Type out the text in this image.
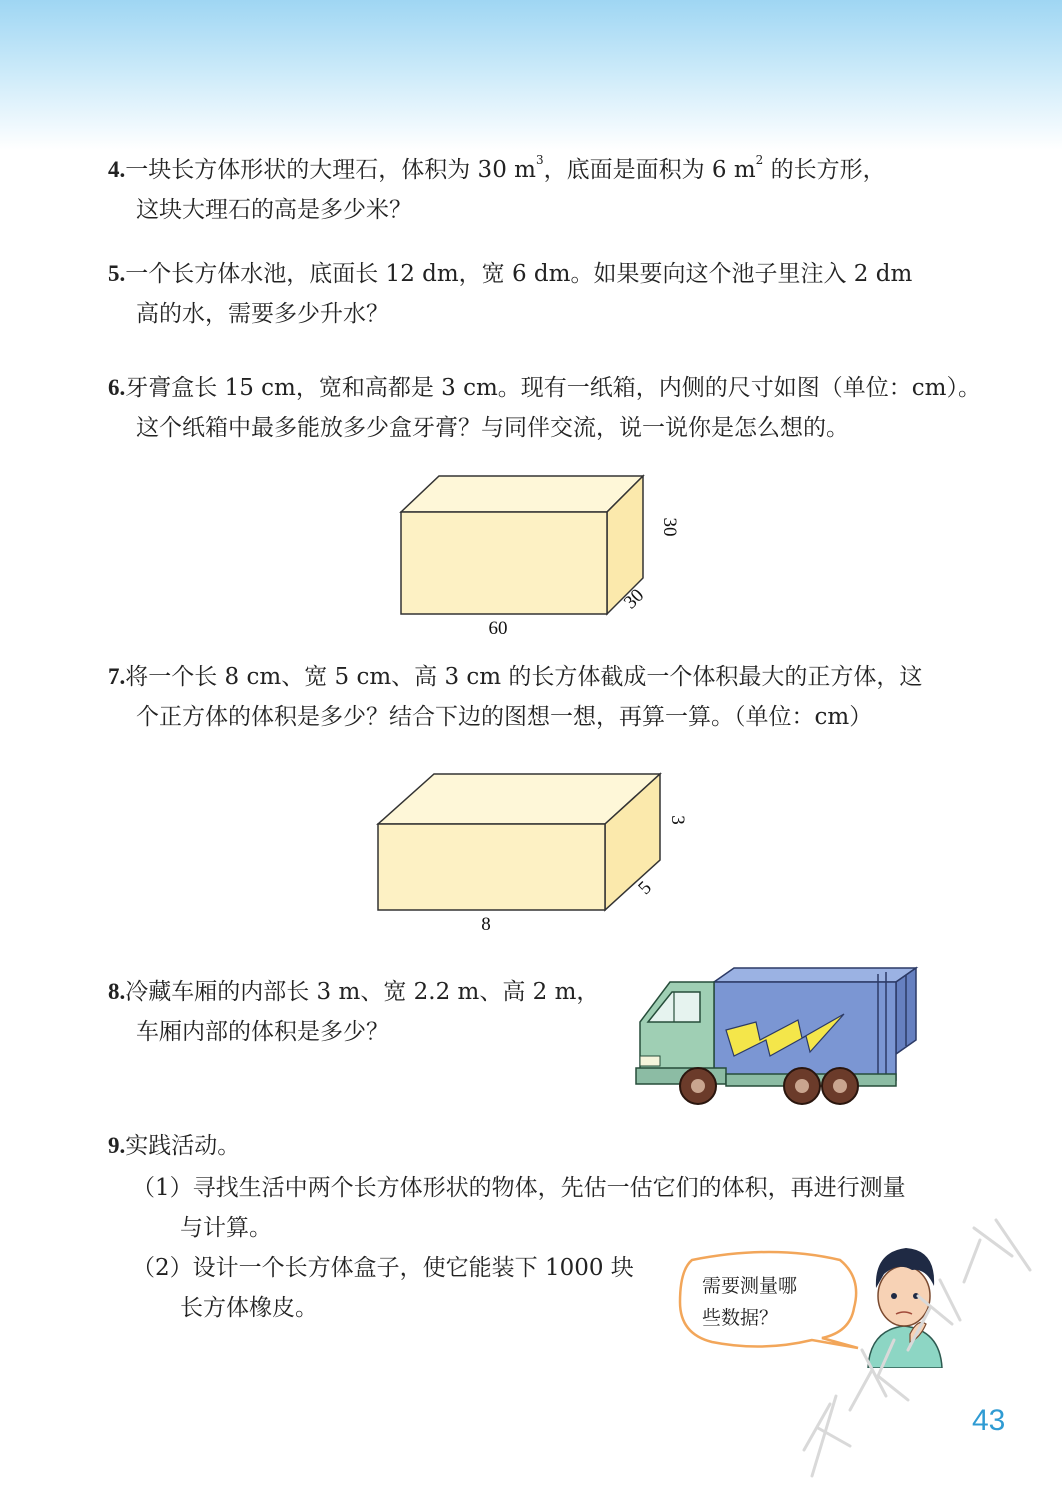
4.一块长方体形状的大理石，体积为 30 $m^3$，底面是面积为 6 $m^2$ 的长方形，
这块大理石的高是多少米？
5.一个长方体水池，底面长 12 dm，宽 6 dm。如果要向这个池子里注入 2 dm
高的水，需要多少升水？
6.牙膏盒长 15 cm，宽和高都是 3 cm。现有一纸箱，内侧的尺寸如图（单位：cm）。
这个纸箱中最多能放多少盒牙膏？与同伴交流，说一说你是怎么想的。
60
30
30
7.将一个长 8 cm、宽 5 cm、高 3 cm 的长方体截成一个体积最大的正方体，这
个正方体的体积是多少？结合下边的图想一想，再算一算。（单位：cm）
8
3
5
8.冷藏车厢的内部长 3 m、宽 2.2 m、高 2 m，
车厢内部的体积是多少？
9.实践活动。
（1）寻找生活中两个长方体形状的物体，先估一估它们的体积，再进行测量
与计算。
（2）设计一个长方体盒子，使它能装下 1000 块
长方体橡皮。
需要测量哪
些数据？
43
